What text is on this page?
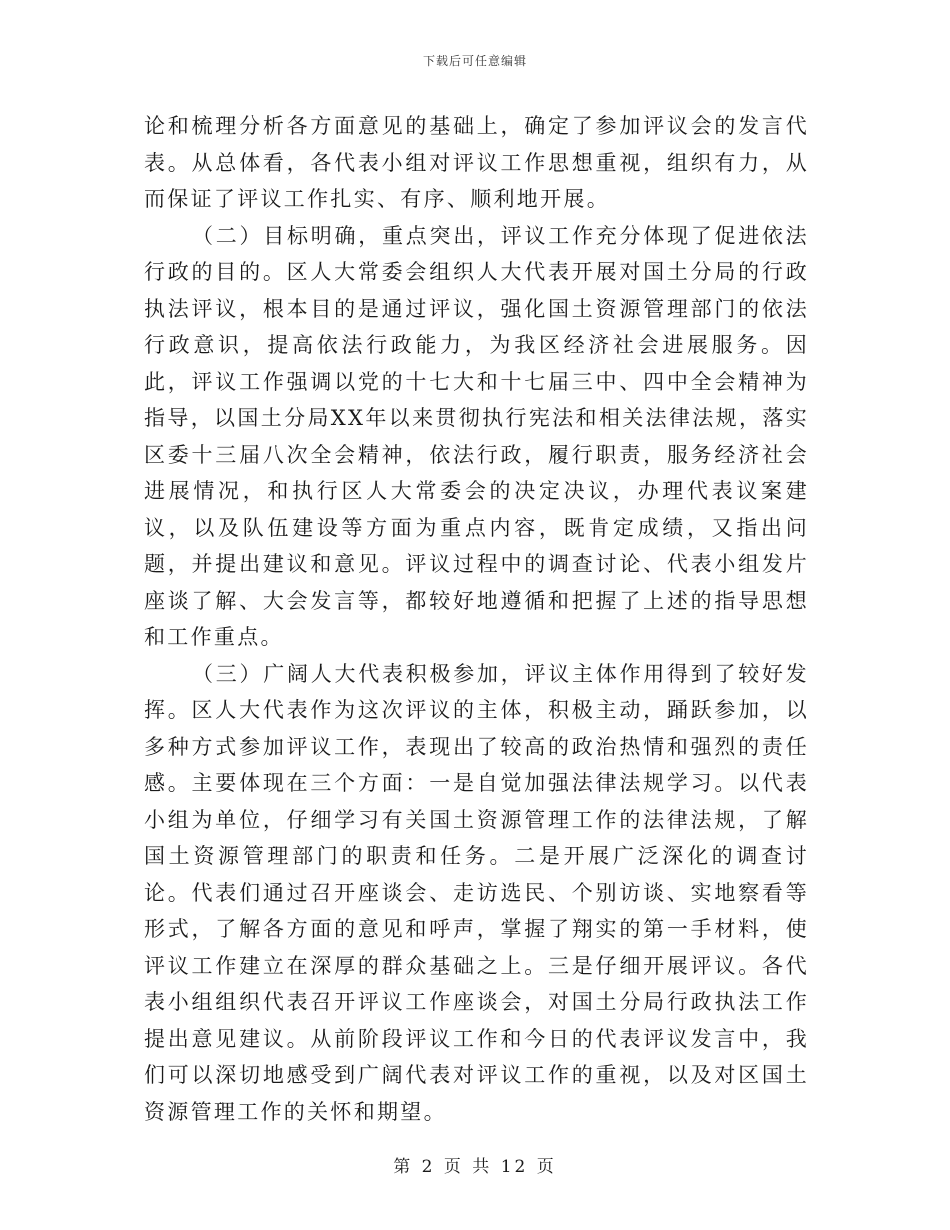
下载后可任意编辑

论和梳理分析各方面意见的基础上，确定了参加评议会的发言代表。从总体看，各代表小组对评议工作思想重视，组织有力，从而保证了评议工作扎实、有序、顺利地开展。

（二）目标明确，重点突出，评议工作充分体现了促进依法行政的目的。区人大常委会组织人大代表开展对国土分局的行政执法评议，根本目的是通过评议，强化国土资源管理部门的依法行政意识，提高依法行政能力，为我区经济社会进展服务。因此，评议工作强调以党的十七大和十七届三中、四中全会精神为指导，以国土分局XX年以来贯彻执行宪法和相关法律法规，落实区委十三届八次全会精神，依法行政，履行职责，服务经济社会进展情况，和执行区人大常委会的决定决议，办理代表议案建议，以及队伍建设等方面为重点内容，既肯定成绩，又指出问题，并提出建议和意见。评议过程中的调查讨论、代表小组发片座谈了解、大会发言等，都较好地遵循和把握了上述的指导思想和工作重点。

（三）广阔人大代表积极参加，评议主体作用得到了较好发挥。区人大代表作为这次评议的主体，积极主动，踊跃参加，以多种方式参加评议工作，表现出了较高的政治热情和强烈的责任感。主要体现在三个方面：一是自觉加强法律法规学习。以代表小组为单位，仔细学习有关国土资源管理工作的法律法规，了解国土资源管理部门的职责和任务。二是开展广泛深化的调查讨论。代表们通过召开座谈会、走访选民、个别访谈、实地察看等形式，了解各方面的意见和呼声，掌握了翔实的第一手材料，使评议工作建立在深厚的群众基础之上。三是仔细开展评议。各代表小组组织代表召开评议工作座谈会，对国土分局行政执法工作提出意见建议。从前阶段评议工作和今日的代表评议发言中，我们可以深切地感受到广阔代表对评议工作的重视，以及对区国土资源管理工作的关怀和期望。

第 2 页 共 12 页
